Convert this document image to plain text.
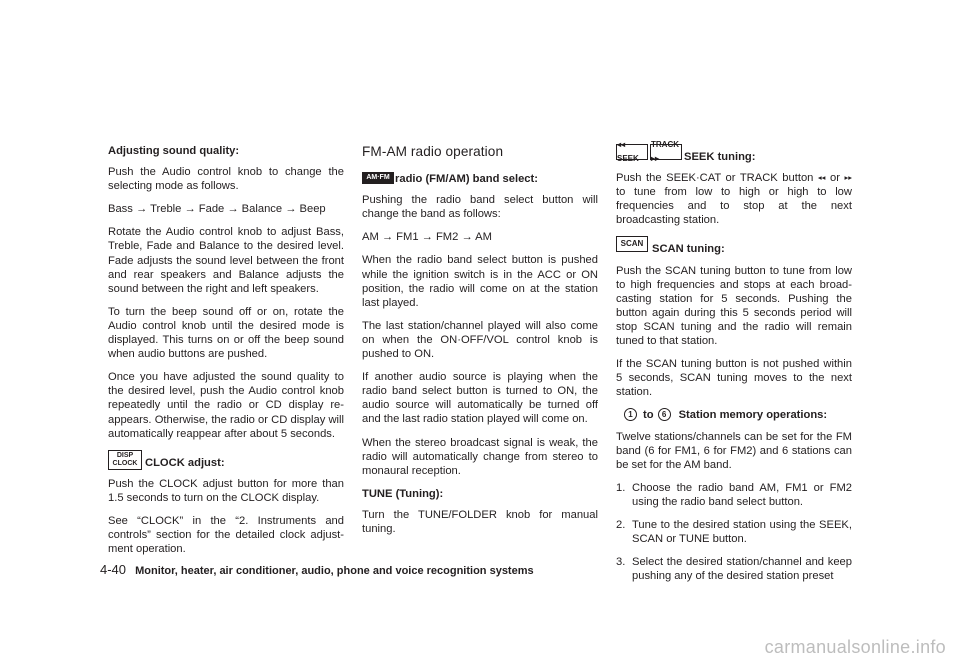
Adjusting sound quality:

Push the Audio control knob to change the selecting mode as follows.

Bass → Treble → Fade → Balance → Beep

Rotate the Audio control knob to adjust Bass, Treble, Fade and Balance to the desired level. Fade adjusts the sound level between the front and rear speakers and Balance adjusts the sound between the right and left speakers.

To turn the beep sound off or on, rotate the Audio control knob until the desired mode is displayed. This turns on or off the beep sound when audio buttons are pushed.

Once you have adjusted the sound quality to the desired level, push the Audio control knob repeatedly until the radio or CD display re-appears. Otherwise, the radio or CD display will automatically reappear after about 5 seconds.

DISP
CLOCK CLOCK adjust:

Push the CLOCK adjust button for more than 1.5 seconds to turn on the CLOCK display.

See “CLOCK” in the “2. Instruments and controls” section for the detailed clock adjust-ment operation.

FM-AM radio operation
AM·FM radio (FM/AM) band select:

Pushing the radio band select button will change the band as follows:

AM → FM1 → FM2 → AM

When the radio band select button is pushed while the ignition switch is in the ACC or ON position, the radio will come on at the station last played.

The last station/channel played will also come on when the ON·OFF/VOL control knob is pushed to ON.

If another audio source is playing when the radio band select button is turned to ON, the audio source will automatically be turned off and the last radio station played will come on.

When the stereo broadcast signal is weak, the radio will automatically change from stereo to monaural reception.

TUNE (Tuning):

Turn the TUNE/FOLDER knob for manual tuning.

◂◂ SEEK
TRACK ▸▸	SEEK tuning:

Push the SEEK·CAT or TRACK button ◂◂ or ▸▸ to tune from low to high or high to low frequencies and to stop at the next broadcasting station.

SCAN SCAN tuning:

Push the SCAN tuning button to tune from low to high frequencies and stops at each broad-casting station for 5 seconds. Pushing the button again during this 5 seconds period will stop SCAN tuning and the radio will remain tuned to that station.

If the SCAN tuning button is not pushed within 5 seconds, SCAN tuning moves to the next station.

1 to	6	Station memory operations:

Twelve stations/channels can be set for the FM band (6 for FM1, 6 for FM2) and 6 stations can be set for the AM band.

1. Choose the radio band AM, FM1 or FM2 using the radio band select button.
2. Tune to the desired station using the SEEK, SCAN or TUNE button.
3. Select the desired station/channel and keep pushing any of the desired station preset
4-40 Monitor, heater, air conditioner, audio, phone and voice recognition systems
carmanualsonline.info
